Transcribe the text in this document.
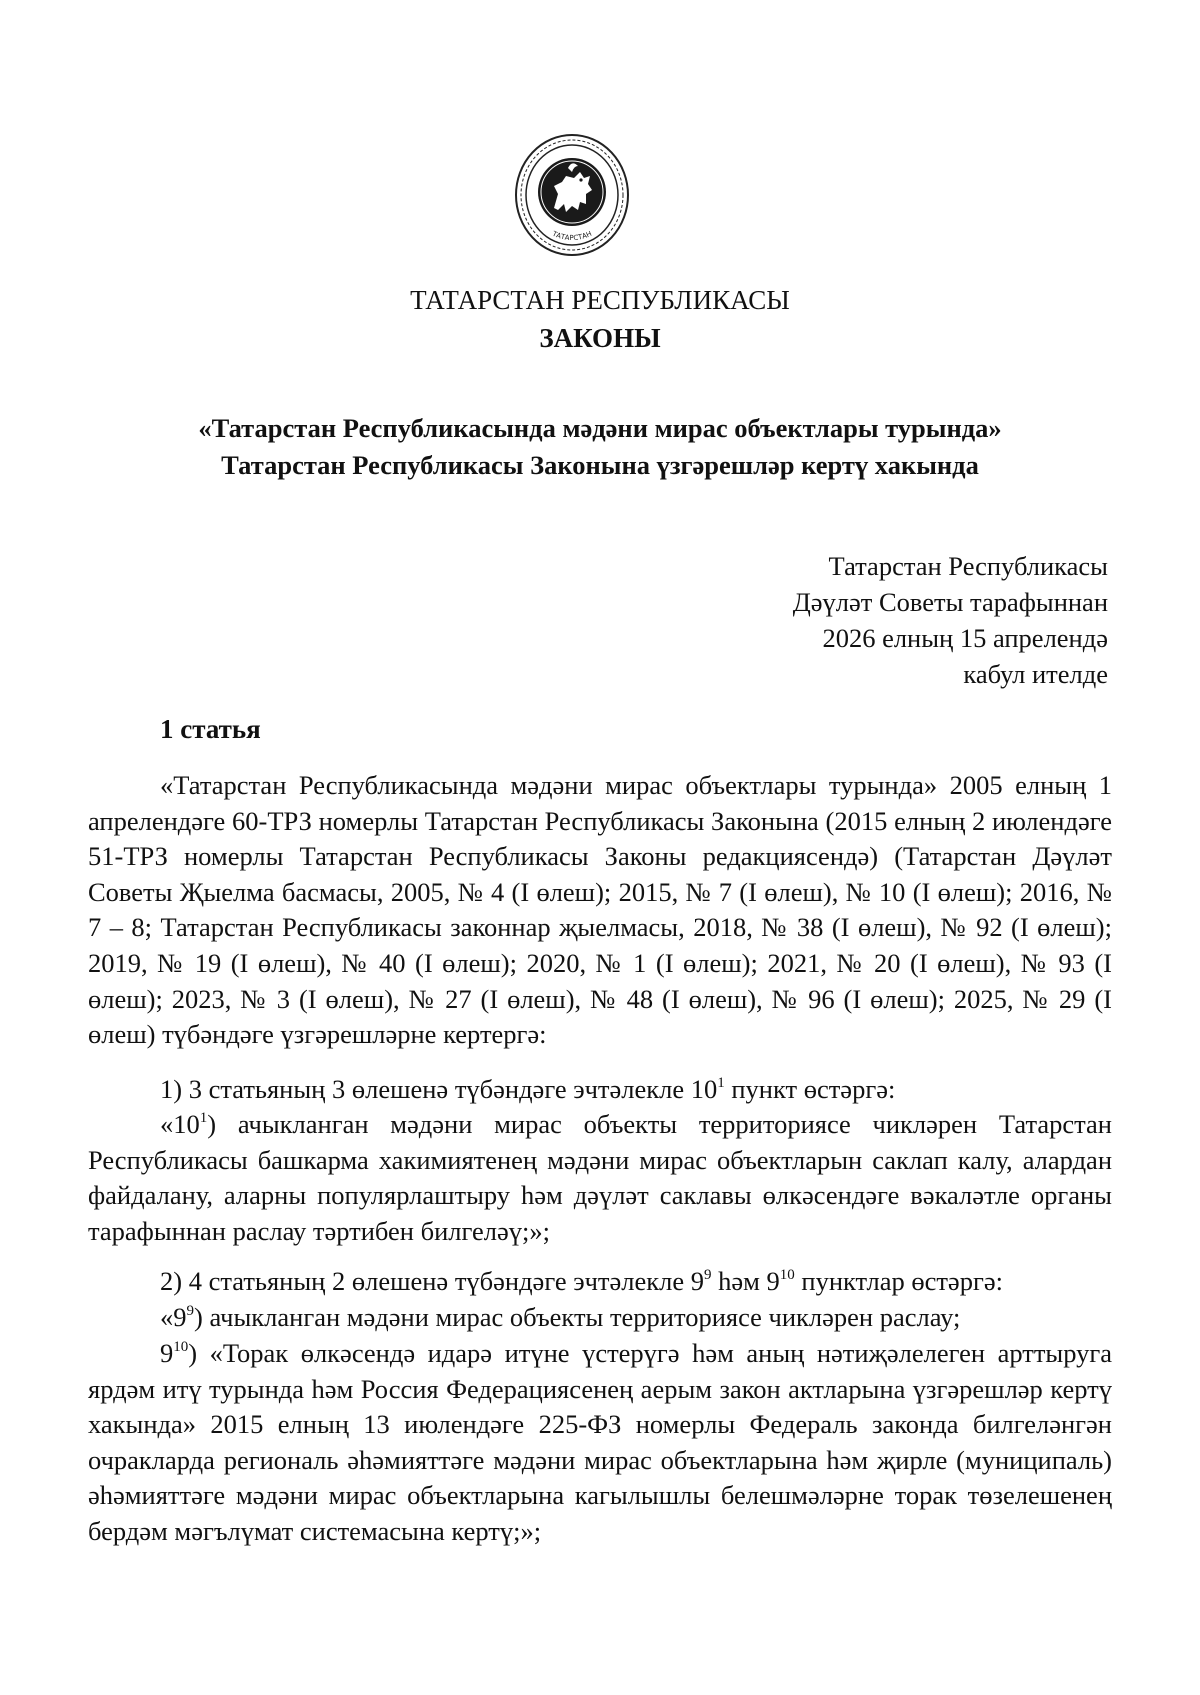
ТАТАРСТАН
ТАТАРСТАН РЕСПУБЛИКАСЫ
ЗАКОНЫ
«Татарстан Республикасында мәдәни мирас объектлары турында»
Татарстан Республикасы Законына үзгәрешләр кертү хакында
Татарстан Республикасы
Дәүләт Советы тарафыннан
2026 елның 15 апрелендә
кабул ителде
1 статья
«Татарстан Республикасында мәдәни мирас объектлары турында» 2005 елның 1 апрелендәге 60-ТРЗ номерлы Татарстан Республикасы Законына (2015 елның 2 июлендәге 51-ТРЗ номерлы Татарстан Республикасы Законы редакциясендә) (Татарстан Дәүләт Советы Җыелма басмасы, 2005, № 4 (I өлеш); 2015, № 7 (I өлеш), № 10 (I өлеш); 2016, № 7 – 8; Татарстан Республикасы законнар җыелмасы, 2018, № 38 (I өлеш), № 92 (I өлеш); 2019, № 19 (I өлеш), № 40 (I өлеш); 2020, № 1 (I өлеш); 2021, № 20 (I өлеш), № 93 (I өлеш); 2023, № 3 (I өлеш), № 27 (I өлеш), № 48 (I өлеш), № 96 (I өлеш); 2025, № 29 (I өлеш) түбәндәге үзгәрешләрне кертергә:
1) 3 статьяның 3 өлешенә түбәндәге эчтәлекле $10^1$ пункт өстәргә:
«$10^1$) ачыкланган мәдәни мирас объекты территориясе чикләрен Татарстан Республикасы башкарма хакимиятенең мәдәни мирас объектларын саклап калу, алардан файдалану, аларны популярлаштыру һәм дәүләт саклавы өлкәсендәге вәкаләтле органы тарафыннан раслау тәртибен билгеләү;»;
2) 4 статьяның 2 өлешенә түбәндәге эчтәлекле $9^9$ һәм $9^{10}$ пунктлар өстәргә:
«$9^9$) ачыкланган мәдәни мирас объекты территориясе чикләрен раслау;
$9^{10}$) «Торак өлкәсендә идарә итүне үстерүгә һәм аның нәтиҗәлелеген арттыруга ярдәм итү турында һәм Россия Федерациясенең аерым закон актларына үзгәрешләр кертү хакында» 2015 елның 13 июлендәге 225-ФЗ номерлы Федераль законда билгеләнгән очракларда региональ әһәмияттәге мәдәни мирас объектларына һәм җирле (муниципаль) әһәмияттәге мәдәни мирас объектларына кагылышлы белешмәләрне торак төзелешенең бердәм мәгълүмат системасына кертү;»;
